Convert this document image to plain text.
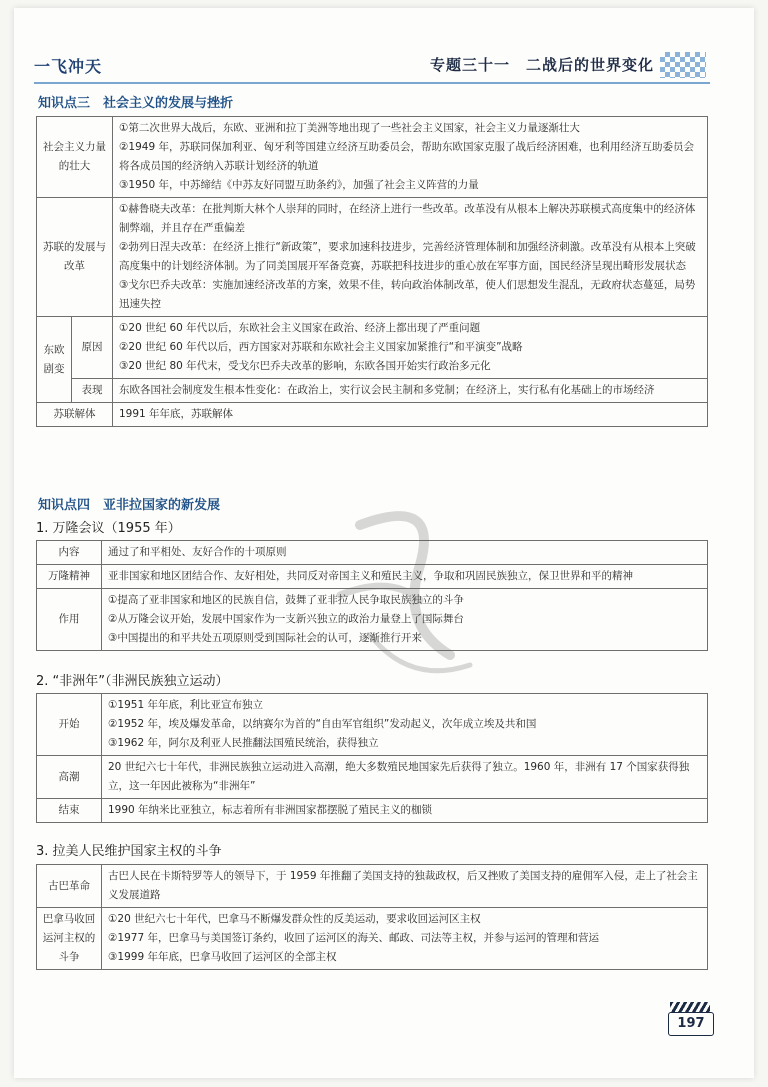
一飞冲天	专题三十一　二战后的世界变化
知识点三　社会主义的发展与挫折
社会主义力量的壮大		①第二次世界大战后，东欧、亚洲和拉丁美洲等地出现了一些社会主义国家，社会主义力量逐渐壮大

②1949 年，苏联同保加利亚、匈牙利等国建立经济互助委员会，帮助东欧国家克服了战后经济困难，也利用经济互助委员会将各成员国的经济纳入苏联计划经济的轨道

③1950 年，中苏缔结《中苏友好同盟互助条约》，加强了社会主义阵营的力量

苏联的发展与改革		①赫鲁晓夫改革：在批判斯大林个人崇拜的同时，在经济上进行一些改革。改革没有从根本上解决苏联模式高度集中的经济体制弊端，并且存在严重偏差

②勃列日涅夫改革：在经济上推行“新政策”，要求加速科技进步，完善经济管理体制和加强经济刺激。改革没有从根本上突破高度集中的计划经济体制。为了同美国展开军备竞赛，苏联把科技进步的重心放在军事方面，国民经济呈现出畸形发展状态

③戈尔巴乔夫改革：实施加速经济改革的方案，效果不佳，转向政治体制改革，使人们思想发生混乱，无政府状态蔓延，局势迅速失控

东欧剧变	原因	①20 世纪 60 年代以后，东欧社会主义国家在政治、经济上都出现了严重问题

②20 世纪 60 年代以后，西方国家对苏联和东欧社会主义国家加紧推行“和平演变”战略

③20 世纪 80 年代末，受戈尔巴乔夫改革的影响，东欧各国开始实行政治多元化

	表现	东欧各国社会制度发生根本性变化：在政治上，实行议会民主制和多党制；在经济上，实行私有化基础上的市场经济
苏联解体		1991 年年底，苏联解体
知识点四　亚非拉国家的新发展
1. 万隆会议（1955 年）
内容	通过了和平相处、友好合作的十项原则
万隆精神	亚非国家和地区团结合作、友好相处，共同反对帝国主义和殖民主义，争取和巩固民族独立，保卫世界和平的精神
作用	①提高了亚非国家和地区的民族自信，鼓舞了亚非拉人民争取民族独立的斗争

②从万隆会议开始，发展中国家作为一支新兴独立的政治力量登上了国际舞台

③中国提出的和平共处五项原则受到国际社会的认可，逐渐推行开来

2. “非洲年”（非洲民族独立运动）
开始	①1951 年年底，利比亚宣布独立

②1952 年，埃及爆发革命，以纳赛尔为首的“自由军官组织”发动起义，次年成立埃及共和国

③1962 年，阿尔及利亚人民推翻法国殖民统治，获得独立

高潮	20 世纪六七十年代，非洲民族独立运动进入高潮，绝大多数殖民地国家先后获得了独立。1960 年，非洲有 17 个国家获得独立，这一年因此被称为“非洲年”
结束	1990 年纳米比亚独立，标志着所有非洲国家都摆脱了殖民主义的枷锁
3. 拉美人民维护国家主权的斗争
古巴革命	古巴人民在卡斯特罗等人的领导下，于 1959 年推翻了美国支持的独裁政权，后又挫败了美国支持的雇佣军入侵，走上了社会主义发展道路
巴拿马收回运河主权的斗争	①20 世纪六七十年代，巴拿马不断爆发群众性的反美运动，要求收回运河区主权

②1977 年，巴拿马与美国签订条约，收回了运河区的海关、邮政、司法等主权，并参与运河的管理和营运

③1999 年年底，巴拿马收回了运河区的全部主权

197
